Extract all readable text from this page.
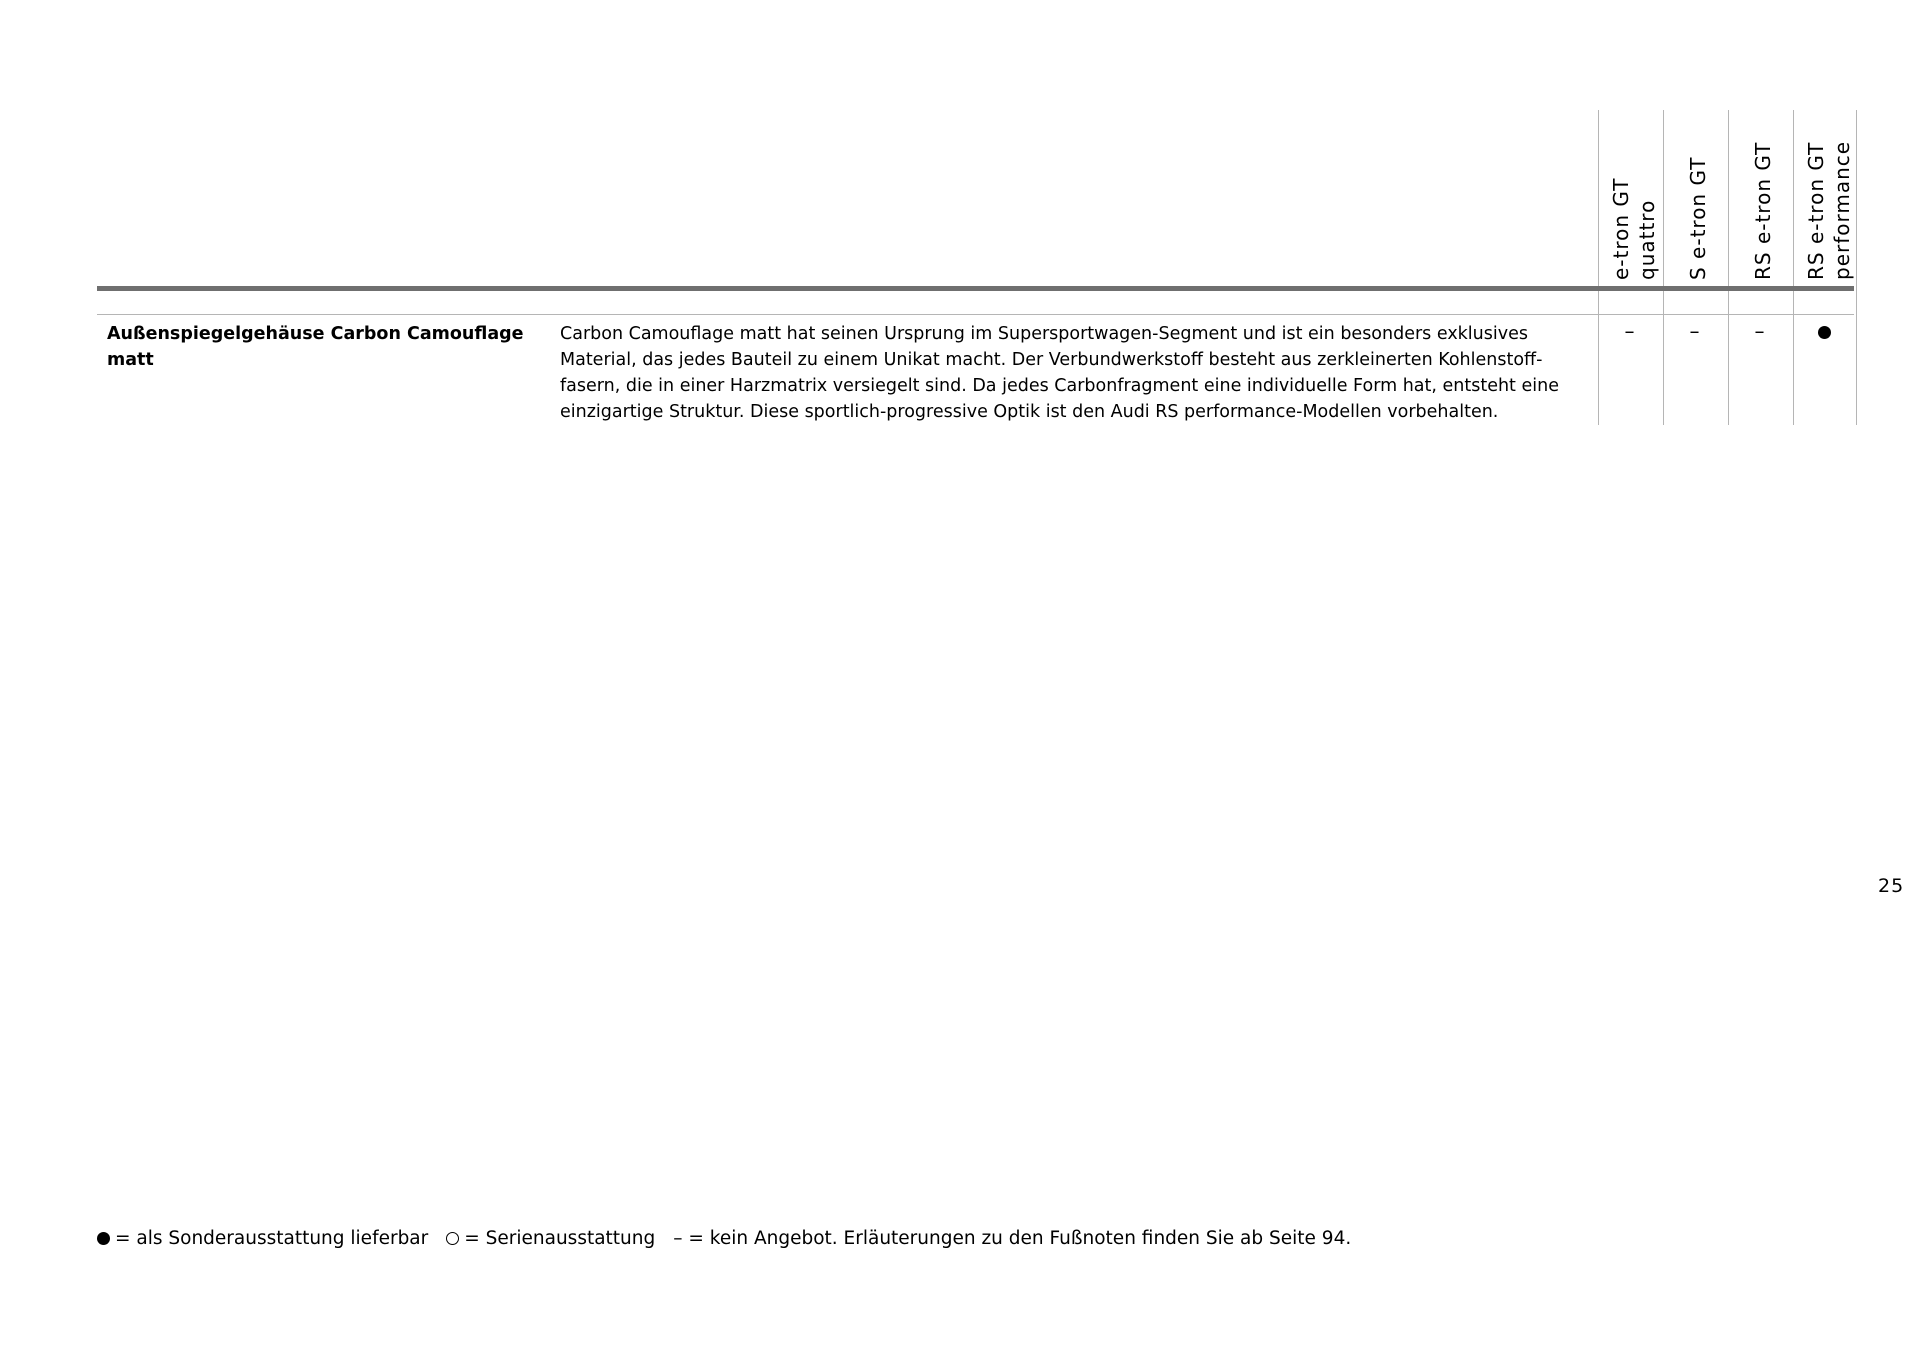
e-tron GT quattro S e-tron GT RS e-tron GT RS e-tron GT performance
Außenspiegelgehäuse Carbon Camouflage matt
Carbon Camouflage matt hat seinen Ursprung im Supersportwagen-Segment und ist ein besonders exklusives
Material, das jedes Bauteil zu einem Unikat macht. Der Verbundwerkstoff besteht aus zerkleinerten Kohlenstoff-
fasern, die in einer Harzmatrix versiegelt sind. Da jedes Carbonfragment eine individuelle Form hat, entsteht eine
einzigartige Struktur. Diese sportlich-progressive Optik ist den Audi RS performance-Modellen vorbehalten.
–	–	–
25
= als Sonderausstattung lieferbar = Serienausstattung – = kein Angebot. Erläuterungen zu den Fußnoten finden Sie ab Seite 94.
